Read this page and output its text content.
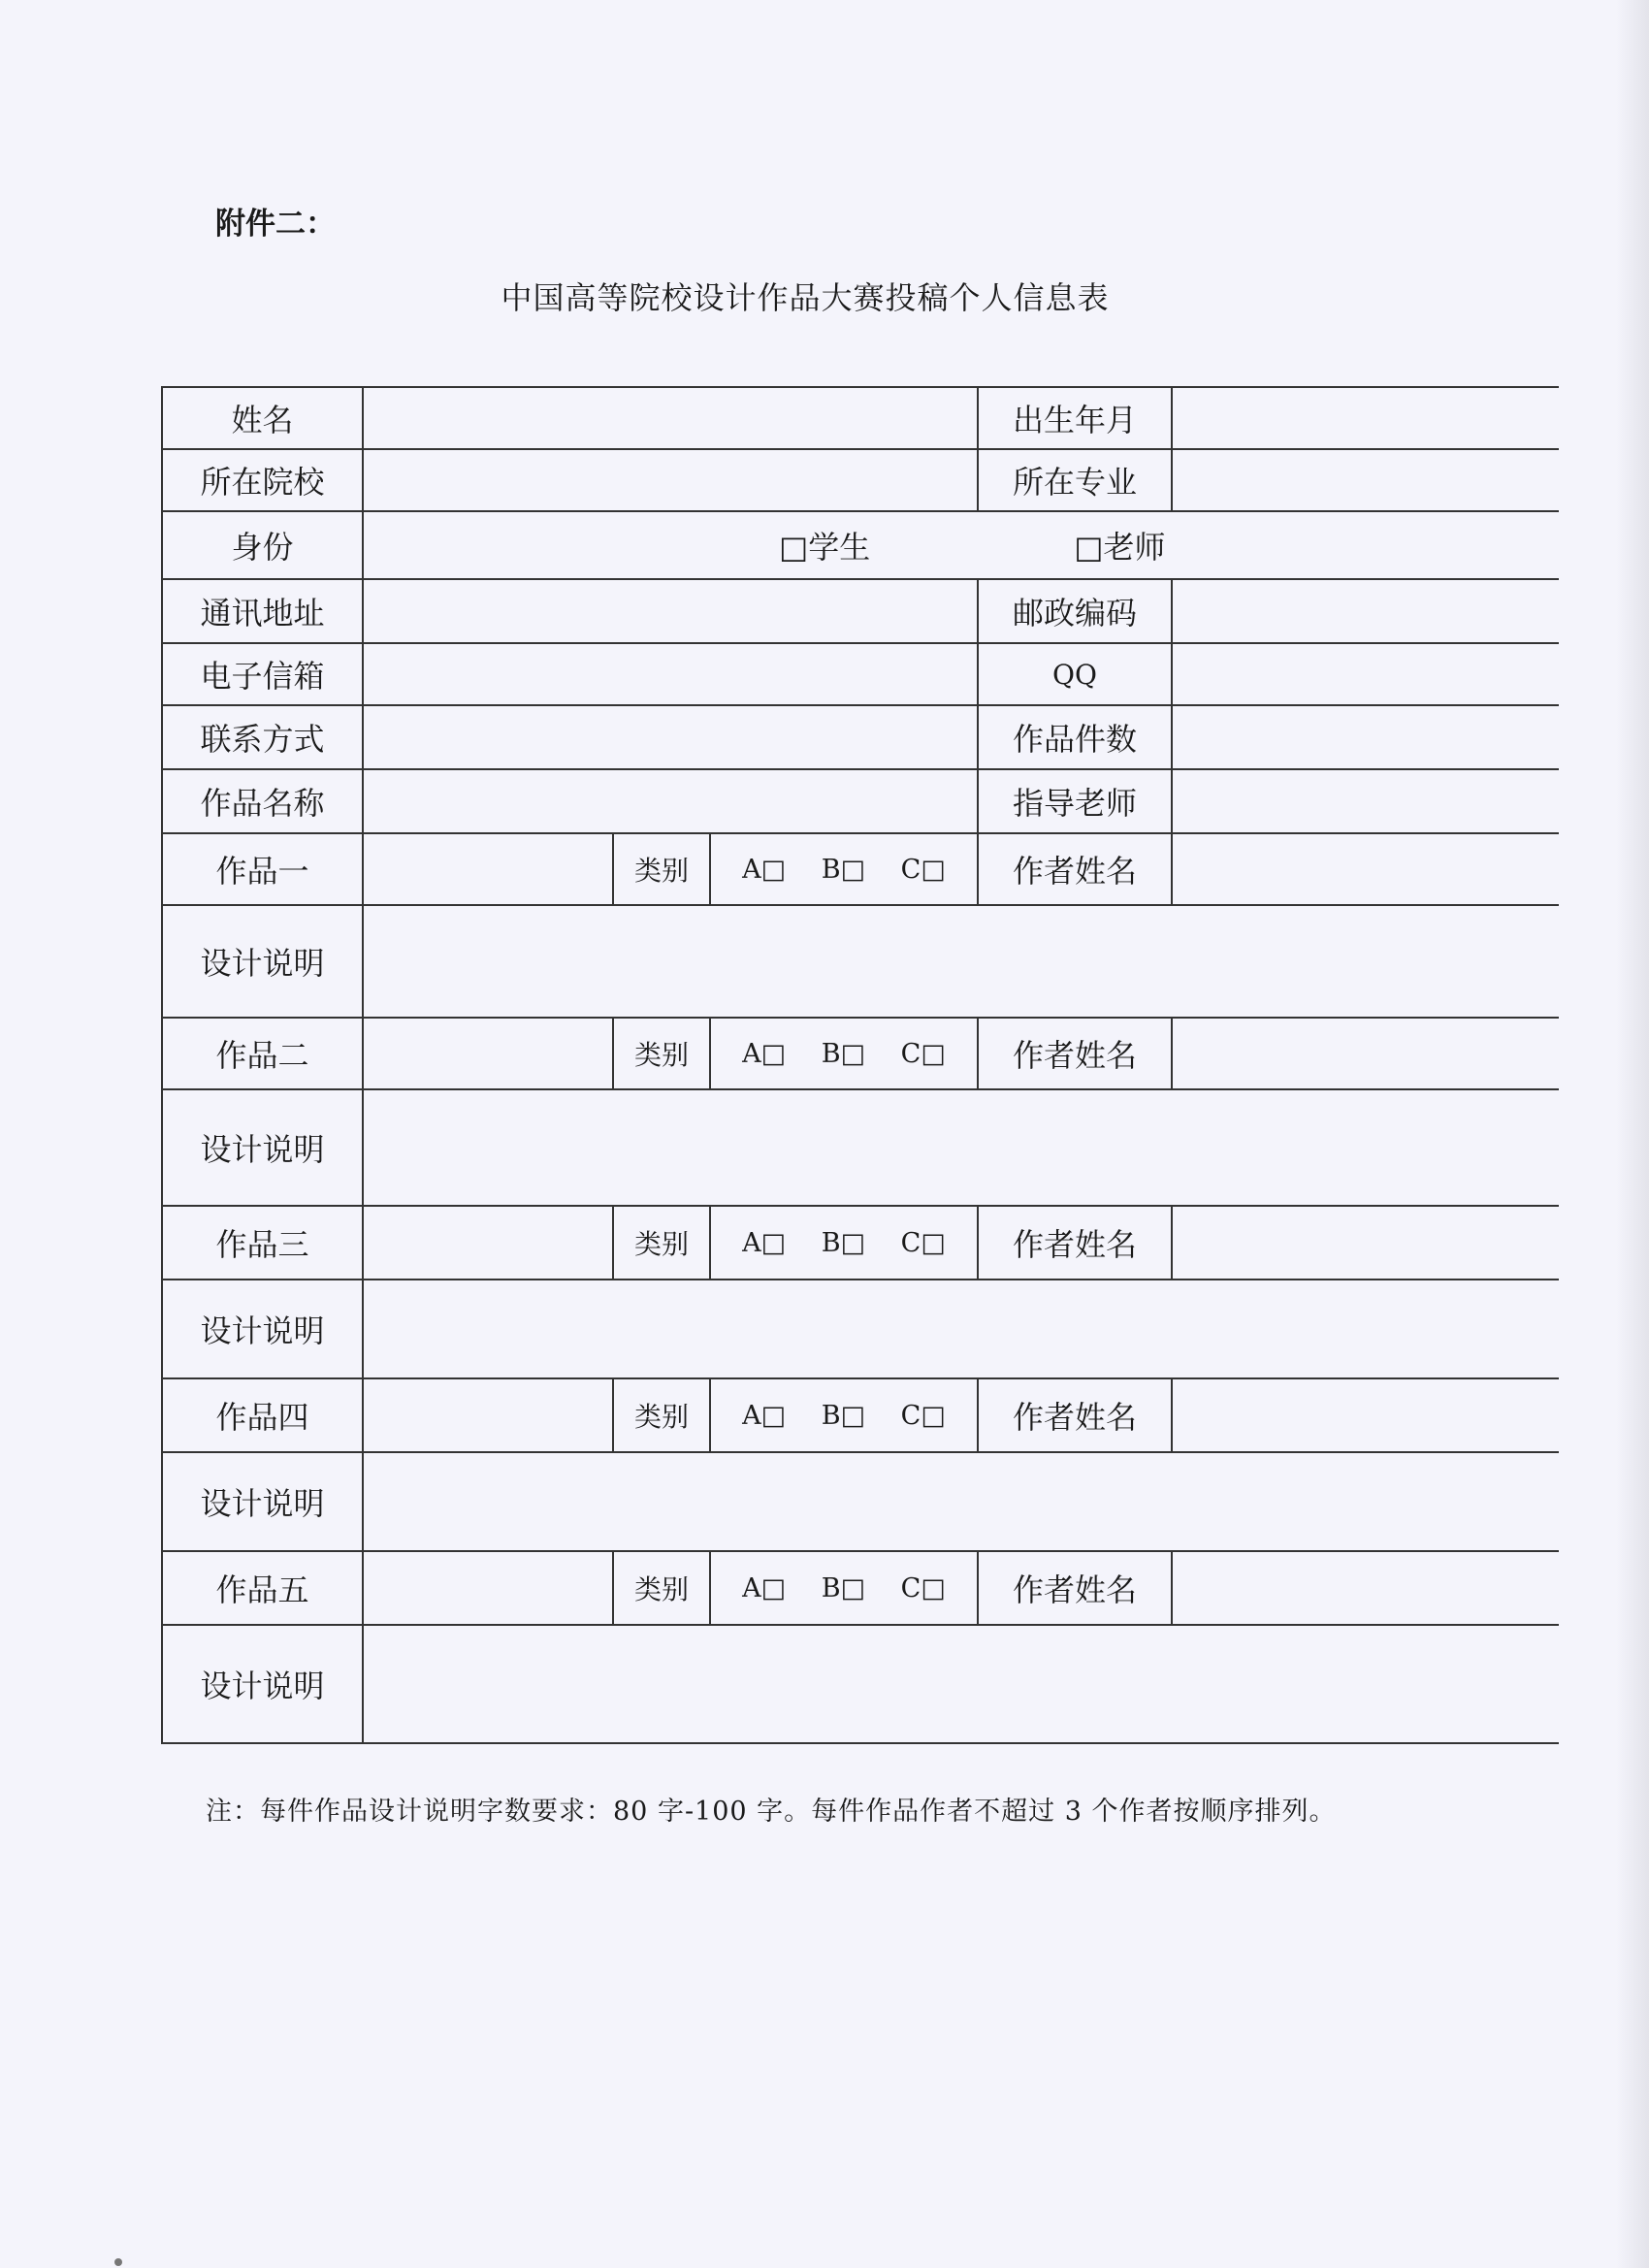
附件二：
中国高等院校设计作品大赛投稿个人信息表
姓名				出生年月	
所在院校				所在专业	
身份	□学生 □老师				
通讯地址				邮政编码	
电子信箱				QQ	
联系方式				作品件数	
作品名称				指导老师	
作品一		类别	A□ B□ C□	作者姓名	
设计说明					
作品二		类别	A□ B□ C□	作者姓名	
设计说明					
作品三		类别	A□ B□ C□	作者姓名	
设计说明					
作品四		类别	A□ B□ C□	作者姓名	
设计说明					
作品五		类别	A□ B□ C□	作者姓名	
设计说明					
注：每件作品设计说明字数要求：80 字-100 字。每件作品作者不超过 3 个作者按顺序排列。
